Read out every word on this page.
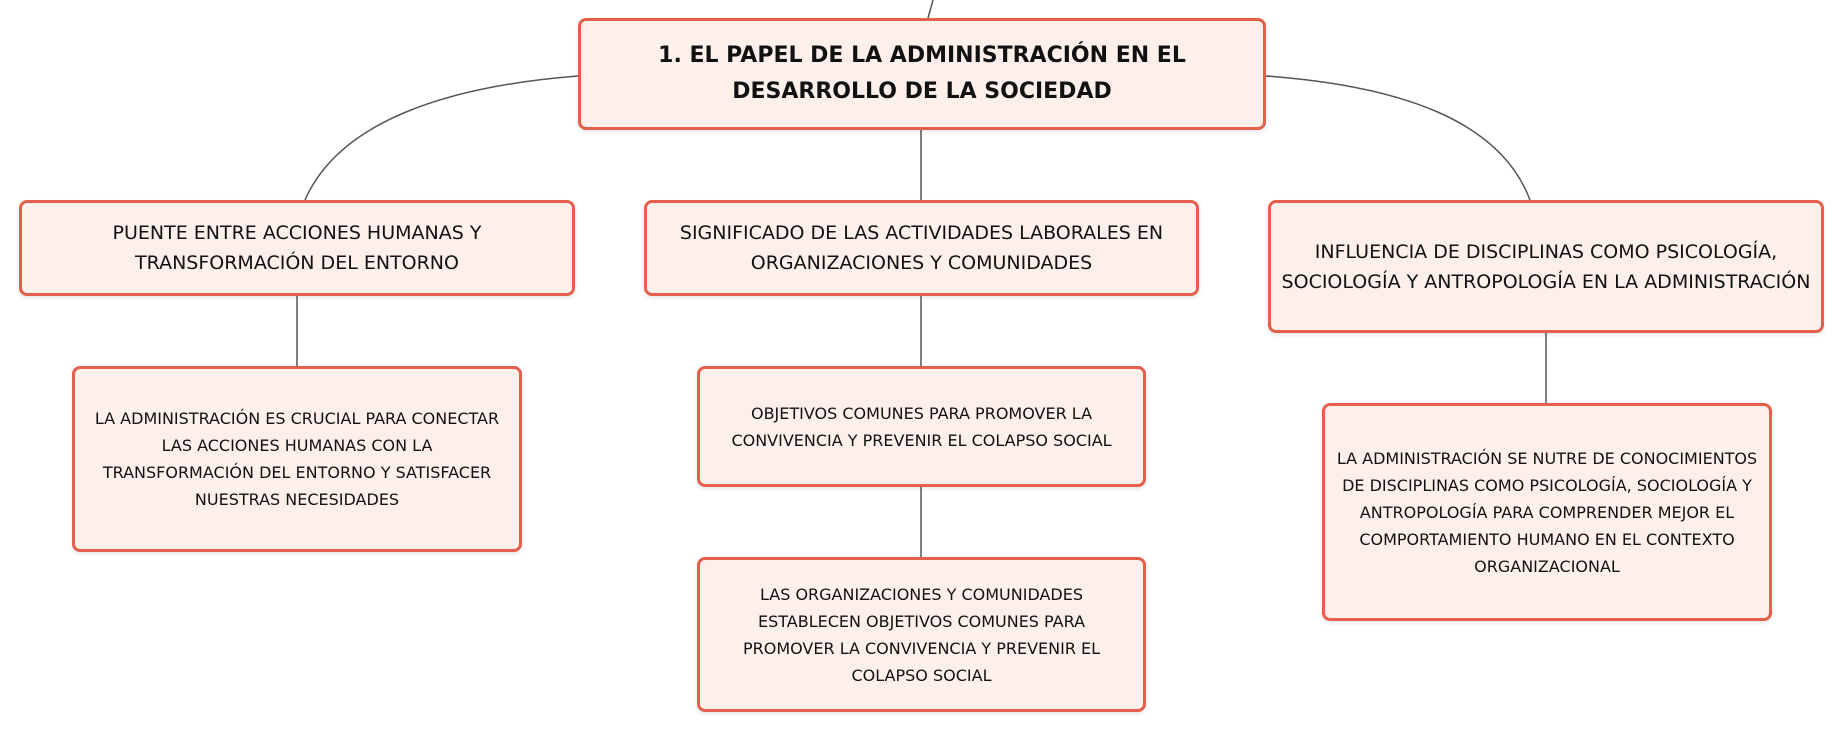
1. EL PAPEL DE LA ADMINISTRACIÓN EN EL DESARROLLO DE LA SOCIEDAD
PUENTE ENTRE ACCIONES HUMANAS Y TRANSFORMACIÓN DEL ENTORNO
SIGNIFICADO DE LAS ACTIVIDADES LABORALES EN ORGANIZACIONES Y COMUNIDADES
INFLUENCIA DE DISCIPLINAS COMO PSICOLOGÍA, SOCIOLOGÍA Y ANTROPOLOGÍA EN LA ADMINISTRACIÓN
LA ADMINISTRACIÓN ES CRUCIAL PARA CONECTAR LAS ACCIONES HUMANAS CON LA TRANSFORMACIÓN DEL ENTORNO Y SATISFACER NUESTRAS NECESIDADES
OBJETIVOS COMUNES PARA PROMOVER LA CONVIVENCIA Y PREVENIR EL COLAPSO SOCIAL
LAS ORGANIZACIONES Y COMUNIDADES ESTABLECEN OBJETIVOS COMUNES PARA PROMOVER LA CONVIVENCIA Y PREVENIR EL COLAPSO SOCIAL
LA ADMINISTRACIÓN SE NUTRE DE CONOCIMIENTOS DE DISCIPLINAS COMO PSICOLOGÍA, SOCIOLOGÍA Y ANTROPOLOGÍA PARA COMPRENDER MEJOR EL COMPORTAMIENTO HUMANO EN EL CONTEXTO ORGANIZACIONAL
